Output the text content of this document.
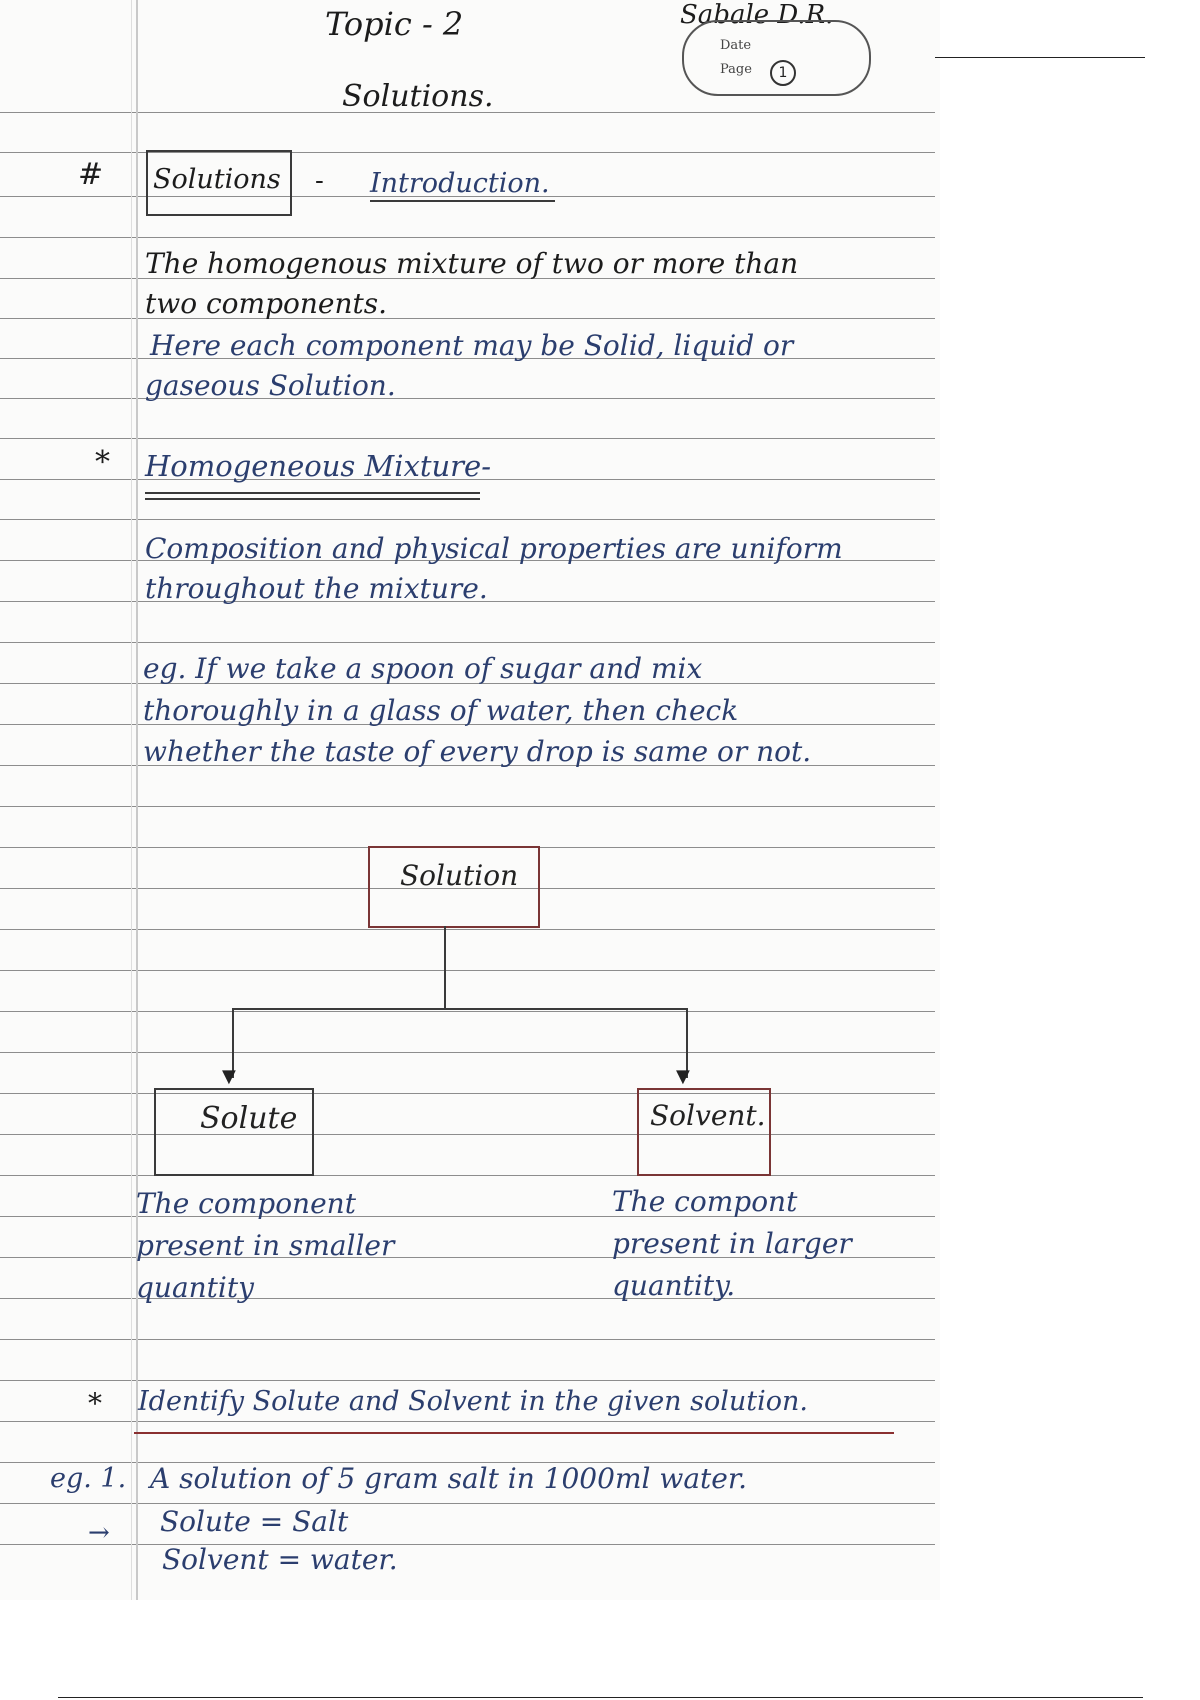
Topic - 2	Sabale D.R.
Date
Page	1
Solutions.
# Solutions - Introduction.
The homogenous mixture of two or more than
two components.
Here each component may be Solid, liquid or
gaseous Solution.
* Homogeneous Mixture-
Composition and physical properties are uniform
throughout the mixture.
eg. If we take a spoon of sugar and mix
thoroughly in a glass of water, then check
whether the taste of every drop is same or not.
Solution
▼	▼
Solute	Solvent.
The component
present in smaller
quantity
The compont
present in larger
quantity.
* Identify Solute and Solvent in the given solution.
eg. 1. A solution of 5 gram salt in 1000ml water.
→ Solute = Salt
Solvent = water.
